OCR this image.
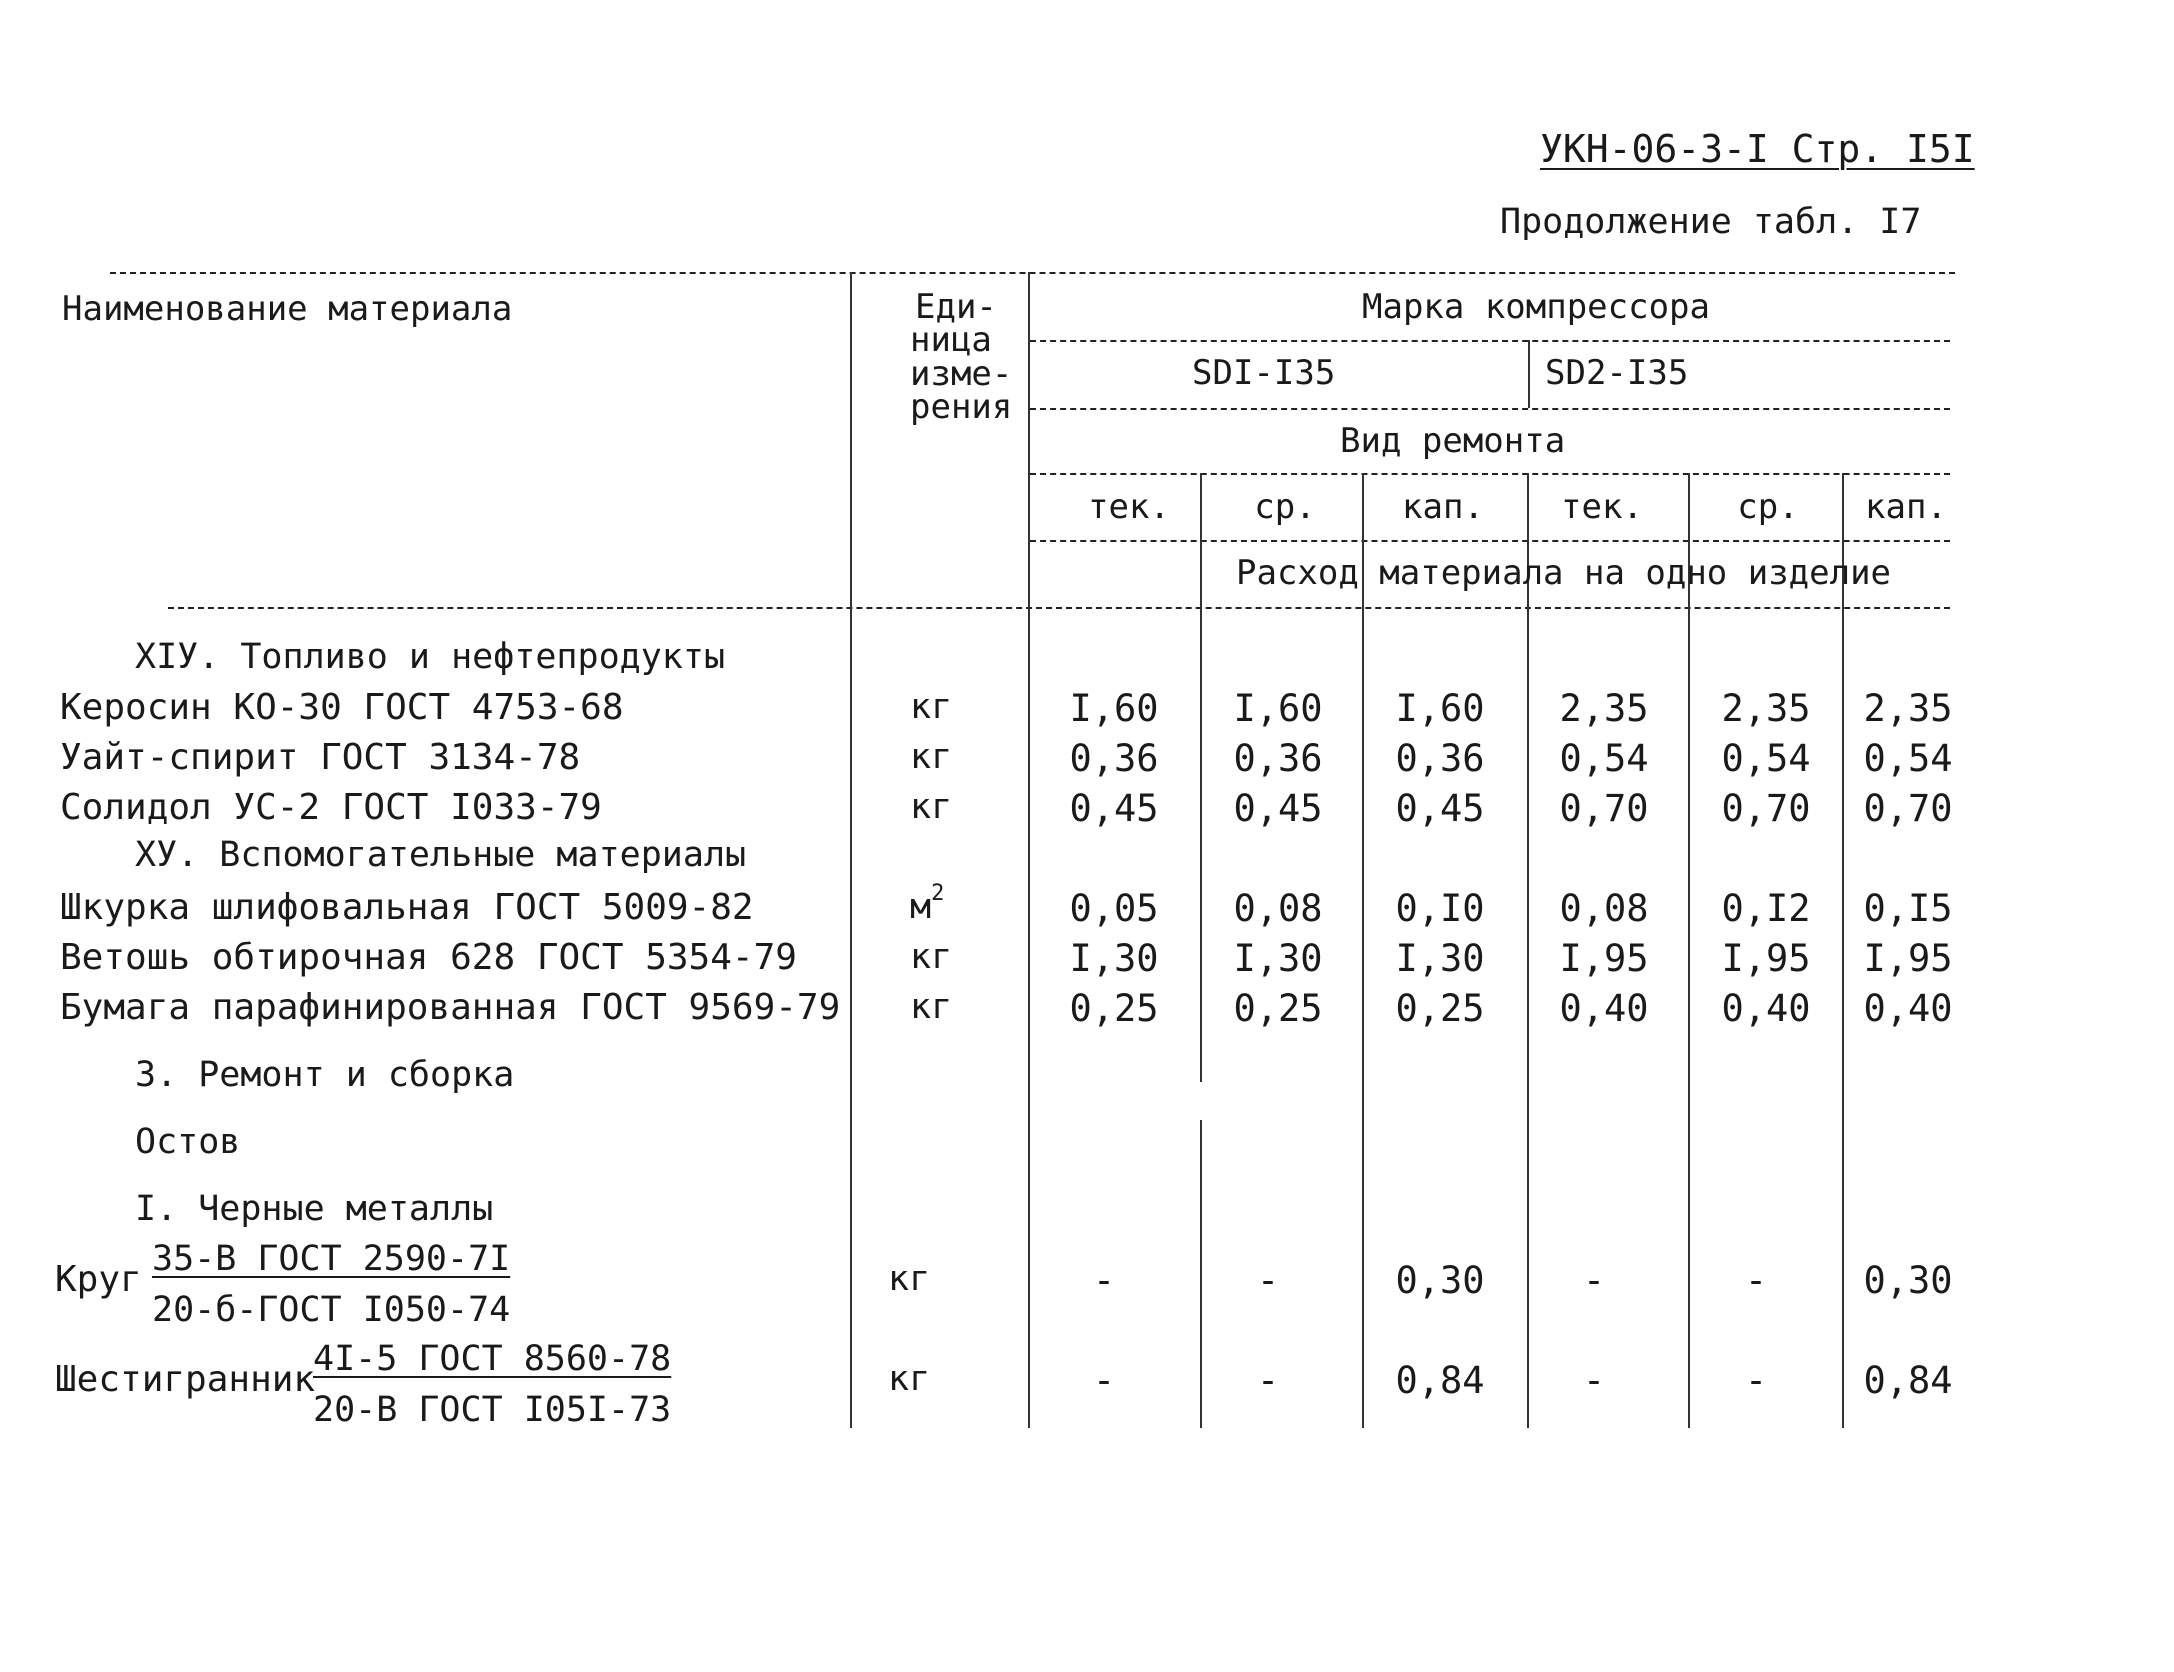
УКН-06-3-I Стр. I5I
Продолжение табл. I7
Наименование материала	Еди-
ница
изме-
рения
Марка компрессора
SDI-I35	SD2-I35
Вид ремонта
тек.	ср.	кап.	тек.	ср.	кап.
Расход материала на одно изделие
XIУ. Топливо и нефтепродукты
XУ. Вспомогательные материалы
3. Ремонт и сборка
Остов
I. Черные металлы
Керосин КО-30 ГОСТ 4753-68	кг	I,60	I,60	I,60	2,35	2,35	2,35
Уайт-спирит ГОСТ 3134-78	кг	0,36	0,36	0,36	0,54	0,54	0,54
Солидол УС-2 ГОСТ I033-79	кг	0,45	0,45	0,45	0,70	0,70	0,70
Шкурка шлифовальная ГОСТ 5009-82	$м^2$	0,05	0,08	0,I0	0,08	0,I2	0,I5
Ветошь обтирочная 628 ГОСТ 5354-79	кг	I,30	I,30	I,30	I,95	I,95	I,95
Бумага парафинированная ГОСТ 9569-79 кг	0,25	0,25	0,25	0,40	0,40	0,40
Круг 35-В ГОСТ 2590-7I
20-б-ГОСТ I050-74
кг	-	-	0,30	-	-	0,30
Шестигранник
4I-5 ГОСТ 8560-78
20-В ГОСТ I05I-73
кг	-	-	0,84	-	-	0,84
